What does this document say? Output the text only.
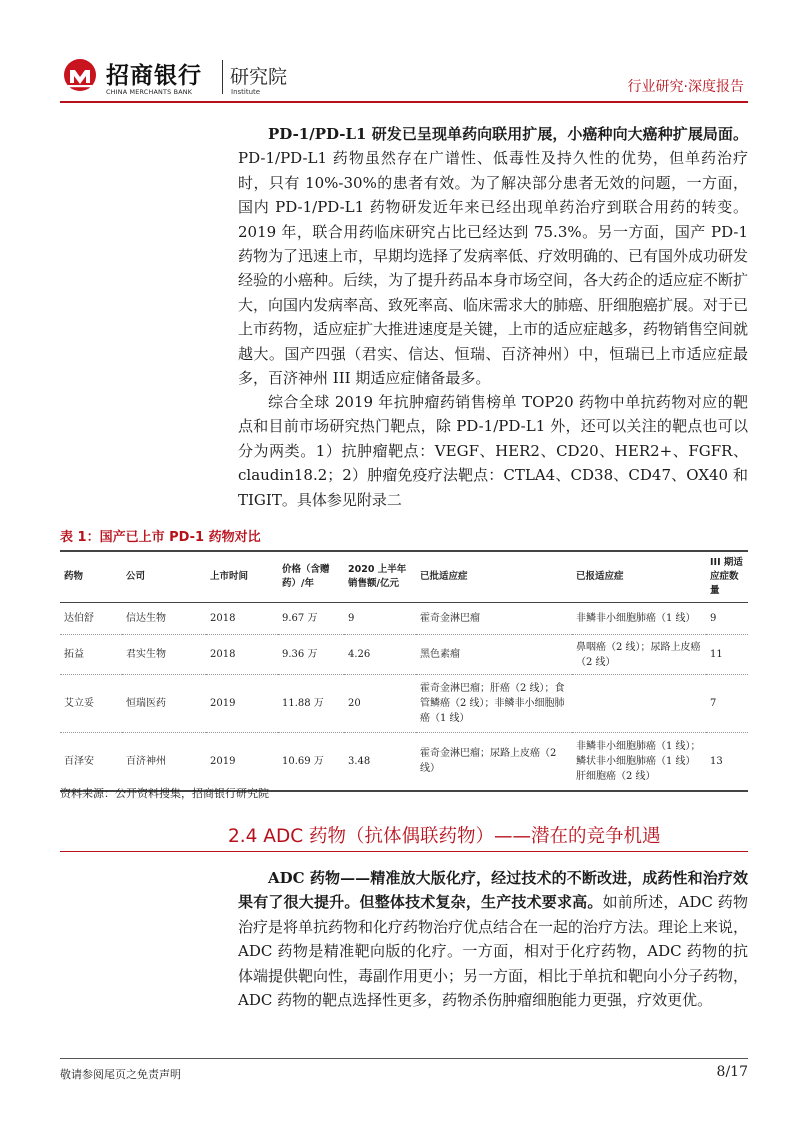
招商银行
CHINA MERCHANTS BANK
研究院
Institute	行业研究·深度报告

PD-1/PD-L1 研发已呈现单药向联用扩展，小癌种向大癌种扩展局面。PD-1/PD-L1 药物虽然存在广谱性、低毒性及持久性的优势，但单药治疗时，只有 10%-30%的患者有效。为了解决部分患者无效的问题，一方面，国内 PD-1/PD-L1 药物研发近年来已经出现单药治疗到联合用药的转变。2019 年，联合用药临床研究占比已经达到 75.3%。另一方面，国产 PD-1 药物为了迅速上市，早期均选择了发病率低、疗效明确的、已有国外成功研发经验的小癌种。后续，为了提升药品本身市场空间，各大药企的适应症不断扩大，向国内发病率高、致死率高、临床需求大的肺癌、肝细胞癌扩展。对于已上市药物，适应症扩大推进速度是关键，上市的适应症越多，药物销售空间就越大。国产四强（君实、信达、恒瑞、百济神州）中，恒瑞已上市适应症最多，百济神州 III 期适应症储备最多。

综合全球 2019 年抗肿瘤药销售榜单 TOP20 药物中单抗药物对应的靶点和目前市场研究热门靶点，除 PD-1/PD-L1 外，还可以关注的靶点也可以分为两类。1）抗肿瘤靶点：VEGF、HER2、CD20、HER2+、FGFR、claudin18.2；2）肿瘤免疫疗法靶点：CTLA4、CD38、CD47、OX40 和 TIGIT。具体参见附录二

表 1：国产已上市 PD-1 药物对比
药物	公司	上市时间	价格（含赠药）/年	2020 上半年销售额/亿元	已批适应症	已报适应症	III 期适应症数量
达伯舒	信达生物	2018	9.67 万	9	霍奇金淋巴瘤	非鳞非小细胞肺癌（1 线）	9
拓益	君实生物	2018	9.36 万	4.26	黑色素瘤	鼻咽癌（2 线）；尿路上皮癌（2 线）	11
艾立妥	恒瑞医药	2019	11.88 万	20	霍奇金淋巴瘤；肝癌（2 线）；食管鳞癌（2 线）；非鳞非小细胞肺癌（1 线）		7
百泽安	百济神州	2019	10.69 万	3.48	霍奇金淋巴瘤；尿路上皮癌（2 线）	非鳞非小细胞肺癌（1 线）；鳞状非小细胞肺癌（1 线）肝细胞癌（2 线）	13
资料来源：公开资料搜集，招商银行研究院
2.4 ADC 药物（抗体偶联药物）——潜在的竞争机遇

ADC 药物——精准放大版化疗，经过技术的不断改进，成药性和治疗效果有了很大提升。但整体技术复杂，生产技术要求高。如前所述，ADC 药物治疗是将单抗药物和化疗药物治疗优点结合在一起的治疗方法。理论上来说，ADC 药物是精准靶向版的化疗。一方面，相对于化疗药物，ADC 药物的抗体端提供靶向性，毒副作用更小；另一方面，相比于单抗和靶向小分子药物，ADC 药物的靶点选择性更多，药物杀伤肿瘤细胞能力更强，疗效更优。

敬请参阅尾页之免责声明	8/17
